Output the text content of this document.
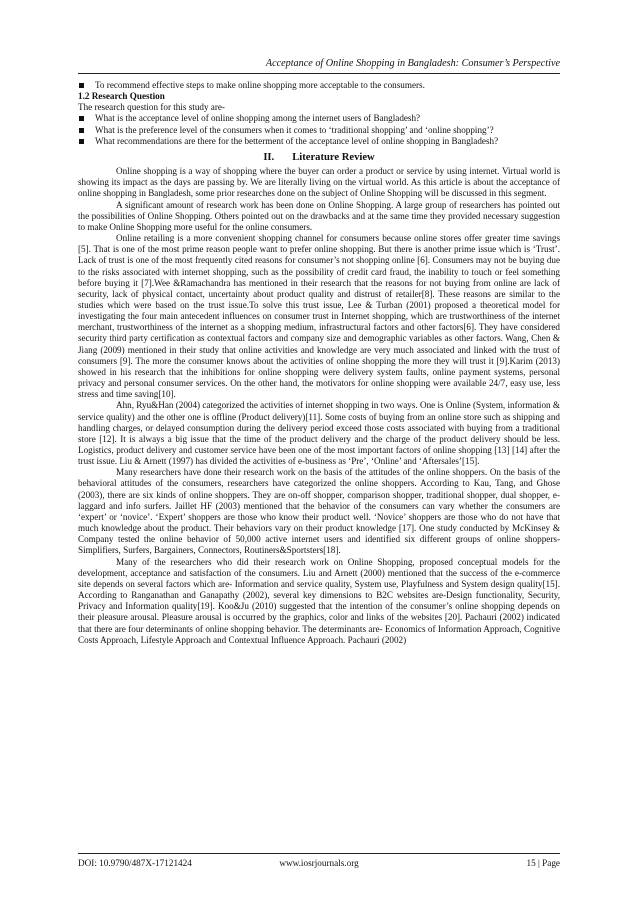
Acceptance of Online Shopping in Bangladesh: Consumer’s Perspective
To recommend effective steps to make online shopping more acceptable to the consumers.
1.2 Research Question
The research question for this study are-
What is the acceptance level of online shopping among the internet users of Bangladesh?
What is the preference level of the consumers when it comes to ‘traditional shopping’ and ‘online shopping’?
What recommendations are there for the betterment of the acceptance level of online shopping in Bangladesh?
II. Literature Review

Online shopping is a way of shopping where the buyer can order a product or service by using internet. Virtual world is showing its impact as the days are passing by. We are literally living on the virtual world. As this article is about the acceptance of online shopping in Bangladesh, some prior researches done on the subject of Online Shopping will be discussed in this segment.

A significant amount of research work has been done on Online Shopping. A large group of researchers has pointed out the possibilities of Online Shopping. Others pointed out on the drawbacks and at the same time they provided necessary suggestion to make Online Shopping more useful for the online consumers.

Online retailing is a more convenient shopping channel for consumers because online stores offer greater time savings [5]. That is one of the most prime reason people want to prefer online shopping. But there is another prime issue which is ‘Trust’. Lack of trust is one of the most frequently cited reasons for consumer’s not shopping online [6]. Consumers may not be buying due to the risks associated with internet shopping, such as the possibility of credit card fraud, the inability to touch or feel something before buying it [7].Wee &Ramachandra has mentioned in their research that the reasons for not buying from online are lack of security, lack of physical contact, uncertainty about product quality and distrust of retailer[8]. These reasons are similar to the studies which were based on the trust issue.To solve this trust issue, Lee & Turban (2001) proposed a theoretical model for investigating the four main antecedent influences on consumer trust in Internet shopping, which are trustworthiness of the internet merchant, trustworthiness of the internet as a shopping medium, infrastructural factors and other factors[6]. They have considered security third party certification as contextual factors and company size and demographic variables as other factors. Wang, Chen & Jiang (2009) mentioned in their study that online activities and knowledge are very much associated and linked with the trust of consumers [9]. The more the consumer knows about the activities of online shopping the more they will trust it [9].Karim (2013) showed in his research that the inhibitions for online shopping were delivery system faults, online payment systems, personal privacy and personal consumer services. On the other hand, the motivators for online shopping were available 24/7, easy use, less stress and time saving[10].

Ahn, Ryu&Han (2004) categorized the activities of internet shopping in two ways. One is Online (System, information & service quality) and the other one is offline (Product delivery)[11]. Some costs of buying from an online store such as shipping and handling charges, or delayed consumption during the delivery period exceed those costs associated with buying from a traditional store [12]. It is always a big issue that the time of the product delivery and the charge of the product delivery should be less. Logistics, product delivery and customer service have been one of the most important factors of online shopping [13] [14] after the trust issue. Liu & Arnett (1997) has divided the activities of e-business as ‘Pre’, ‘Online’ and ‘Aftersales’[15].

Many researchers have done their research work on the basis of the attitudes of the online shoppers. On the basis of the behavioral attitudes of the consumers, researchers have categorized the online shoppers. According to Kau, Tang, and Ghose (2003), there are six kinds of online shoppers. They are on-off shopper, comparison shopper, traditional shopper, dual shopper, e-laggard and info surfers. Jaillet HF (2003) mentioned that the behavior of the consumers can vary whether the consumers are ‘expert’ or ‘novice’. ‘Expert’ shoppers are those who know their product well. ‘Novice’ shoppers are those who do not have that much knowledge about the product. Their behaviors vary on their product knowledge [17]. One study conducted by McKinsey & Company tested the online behavior of 50,000 active internet users and identified six different groups of online shoppers- Simplifiers, Surfers, Bargainers, Connectors, Routiners&Sportsters[18].

Many of the researchers who did their research work on Online Shopping, proposed conceptual models for the development, acceptance and satisfaction of the consumers. Liu and Arnett (2000) mentioned that the success of the e-commerce site depends on several factors which are- Information and service quality, System use, Playfulness and System design quality[15]. According to Ranganathan and Ganapathy (2002), several key dimensions to B2C websites are-Design functionality, Security, Privacy and Information quality[19]. Koo&Ju (2010) suggested that the intention of the consumer’s online shopping depends on their pleasure arousal. Pleasure arousal is occurred by the graphics, color and links of the websites [20]. Pachauri (2002) indicated that there are four determinants of online shopping behavior. The determinants are- Economics of Information Approach, Cognitive Costs Approach, Lifestyle Approach and Contextual Influence Approach. Pachauri (2002)

DOI: 10.9790/487X-17121424	www.iosrjournals.org	15 | Page
